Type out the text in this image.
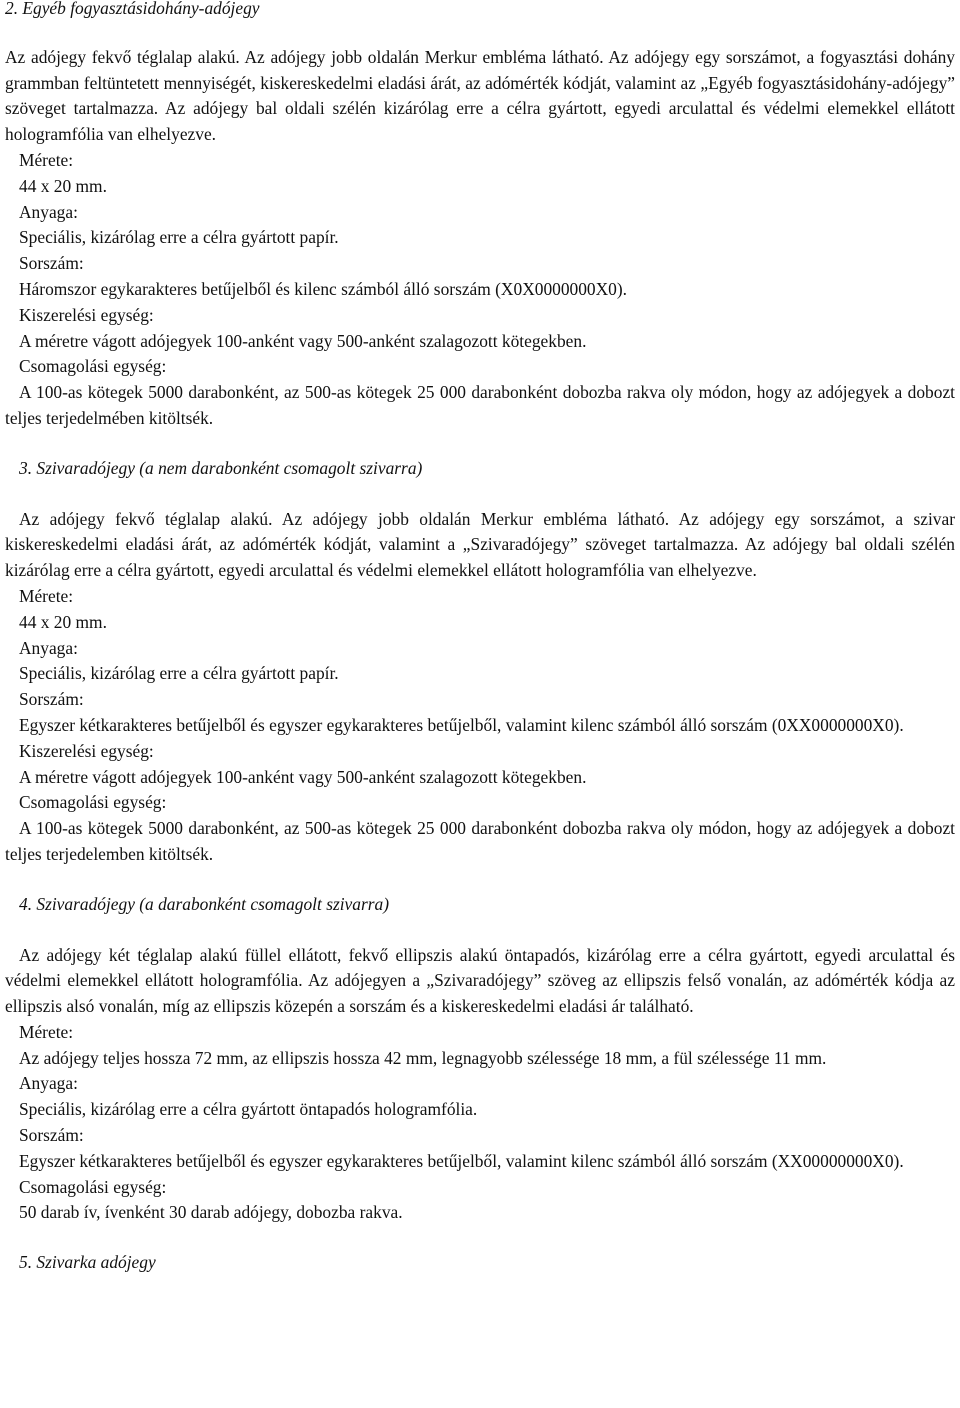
2. Egyéb fogyasztásidohány-adójegy

Az adójegy fekvő téglalap alakú. Az adójegy jobb oldalán Merkur embléma látható. Az adójegy egy sorszámot, a fogyasztási dohány grammban feltüntetett mennyiségét, kiskereskedelmi eladási árát, az adómérték kódját, valamint az „Egyéb fogyasztásidohány-adójegy” szöveget tartalmazza. Az adójegy bal oldali szélén kizárólag erre a célra gyártott, egyedi arculattal és védelmi elemekkel ellátott hologramfólia van elhelyezve.

Mérete:

44 x 20 mm.

Anyaga:

Speciális, kizárólag erre a célra gyártott papír.

Sorszám:

Háromszor egykarakteres betűjelből és kilenc számból álló sorszám (X0X0000000X0).

Kiszerelési egység:

A méretre vágott adójegyek 100-anként vagy 500-anként szalagozott kötegekben.

Csomagolási egység:

A 100-as kötegek 5000 darabonként, az 500-as kötegek 25 000 darabonként dobozba rakva oly módon, hogy az adójegyek a dobozt teljes terjedelmében kitöltsék.

3. Szivaradójegy (a nem darabonként csomagolt szivarra)

Az adójegy fekvő téglalap alakú. Az adójegy jobb oldalán Merkur embléma látható. Az adójegy egy sorszámot, a szivar kiskereskedelmi eladási árát, az adómérték kódját, valamint a „Szivaradójegy” szöveget tartalmazza. Az adójegy bal oldali szélén kizárólag erre a célra gyártott, egyedi arculattal és védelmi elemekkel ellátott hologramfólia van elhelyezve.

Mérete:

44 x 20 mm.

Anyaga:

Speciális, kizárólag erre a célra gyártott papír.

Sorszám:

Egyszer kétkarakteres betűjelből és egyszer egykarakteres betűjelből, valamint kilenc számból álló sorszám (0XX0000000X0).

Kiszerelési egység:

A méretre vágott adójegyek 100-anként vagy 500-anként szalagozott kötegekben.

Csomagolási egység:

A 100-as kötegek 5000 darabonként, az 500-as kötegek 25 000 darabonként dobozba rakva oly módon, hogy az adójegyek a dobozt teljes terjedelemben kitöltsék.

4. Szivaradójegy (a darabonként csomagolt szivarra)

Az adójegy két téglalap alakú füllel ellátott, fekvő ellipszis alakú öntapadós, kizárólag erre a célra gyártott, egyedi arculattal és védelmi elemekkel ellátott hologramfólia. Az adójegyen a „Szivaradójegy” szöveg az ellipszis felső vonalán, az adómérték kódja az ellipszis alsó vonalán, míg az ellipszis közepén a sorszám és a kiskereskedelmi eladási ár található.

Mérete:

Az adójegy teljes hossza 72 mm, az ellipszis hossza 42 mm, legnagyobb szélessége 18 mm, a fül szélessége 11 mm.

Anyaga:

Speciális, kizárólag erre a célra gyártott öntapadós hologramfólia.

Sorszám:

Egyszer kétkarakteres betűjelből és egyszer egykarakteres betűjelből, valamint kilenc számból álló sorszám (XX00000000X0).

Csomagolási egység:

50 darab ív, ívenként 30 darab adójegy, dobozba rakva.

5. Szivarka adójegy
